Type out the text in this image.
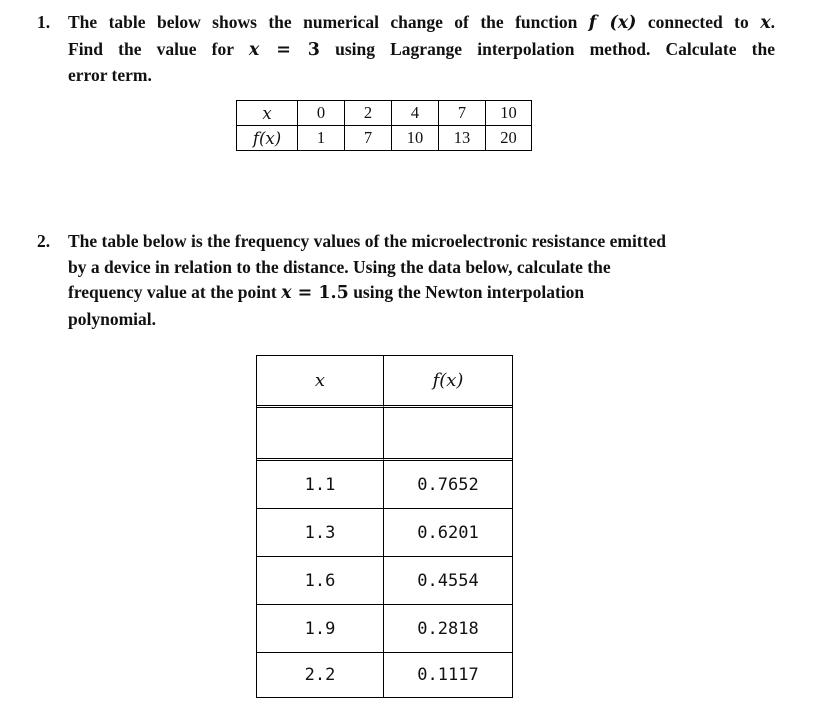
1. The table below shows the numerical change of the function f (x) connected to x.
Find the value for x = 3 using Lagrange interpolation method. Calculate the
error term.
x	0	2	4	7	10
f(x)	1	7	10	13	20
2. The table below is the frequency values of the microelectronic resistance emitted
by a device in relation to the distance. Using the data below, calculate the
frequency value at the point x = 1.5 using the Newton interpolation
polynomial.
x	f(x)

1.1	0.7652
1.3	0.6201
1.6	0.4554
1.9	0.2818
2.2	0.1117
